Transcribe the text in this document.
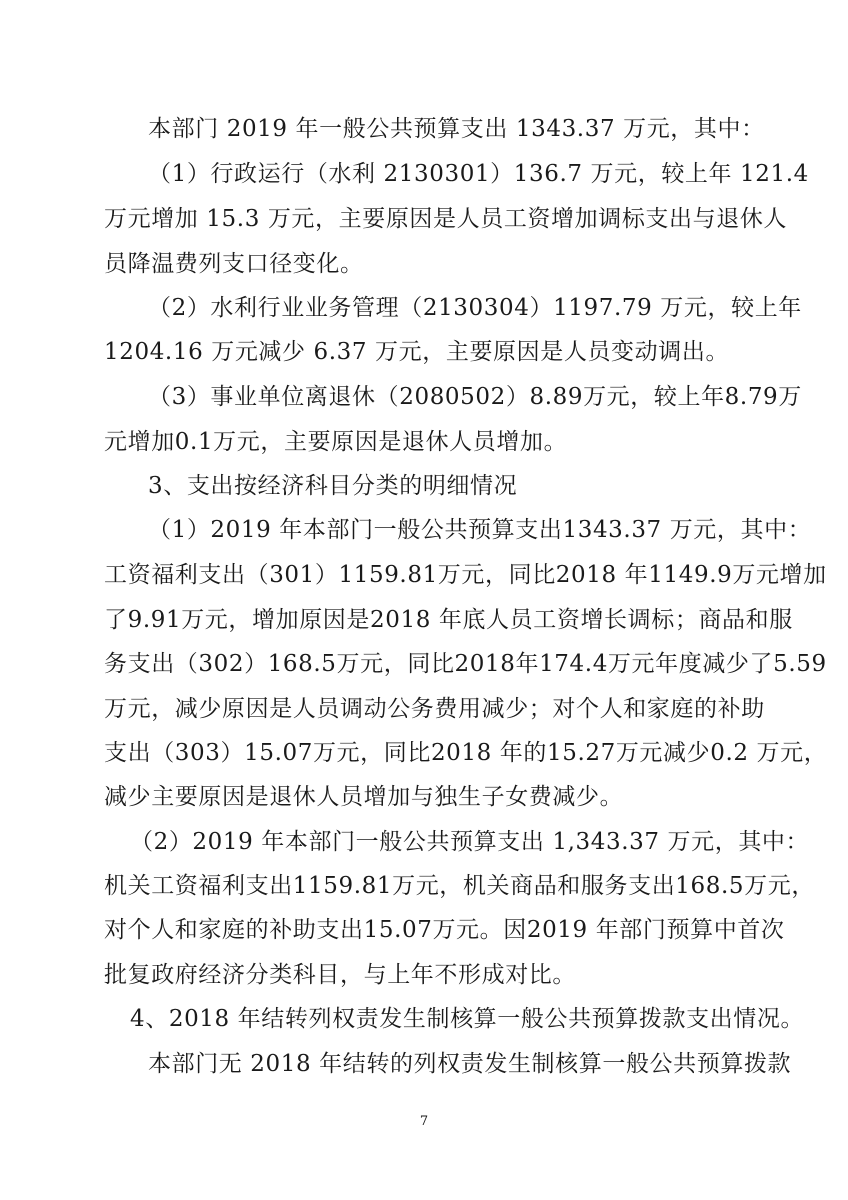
本部门 2019 年一般公共预算支出 1343.37 万元，其中：
（1）行政运行（水利 2130301）136.7 万元，较上年 121.4
万元增加 15.3 万元，主要原因是人员工资增加调标支出与退休人
员降温费列支口径变化。
（2）水利行业业务管理（2130304）1197.79 万元，较上年
1204.16 万元减少 6.37 万元，主要原因是人员变动调出。
（3）事业单位离退休（2080502）8.89万元，较上年8.79万
元增加0.1万元，主要原因是退休人员增加。
3、支出按经济科目分类的明细情况
（1）2019 年本部门一般公共预算支出1343.37 万元，其中：
工资福利支出（301）1159.81万元，同比2018 年1149.9万元增加
了9.91万元，增加原因是2018 年底人员工资增长调标；商品和服
务支出（302）168.5万元，同比2018年174.4万元年度减少了5.59
万元，减少原因是人员调动公务费用减少；对个人和家庭的补助
支出（303）15.07万元，同比2018 年的15.27万元减少0.2 万元，
减少主要原因是退休人员增加与独生子女费减少。
（2）2019 年本部门一般公共预算支出 1,343.37 万元，其中：
机关工资福利支出1159.81万元，机关商品和服务支出168.5万元，
对个人和家庭的补助支出15.07万元。因2019 年部门预算中首次
批复政府经济分类科目，与上年不形成对比。
4、2018 年结转列权责发生制核算一般公共预算拨款支出情况。
本部门无 2018 年结转的列权责发生制核算一般公共预算拨款
7
